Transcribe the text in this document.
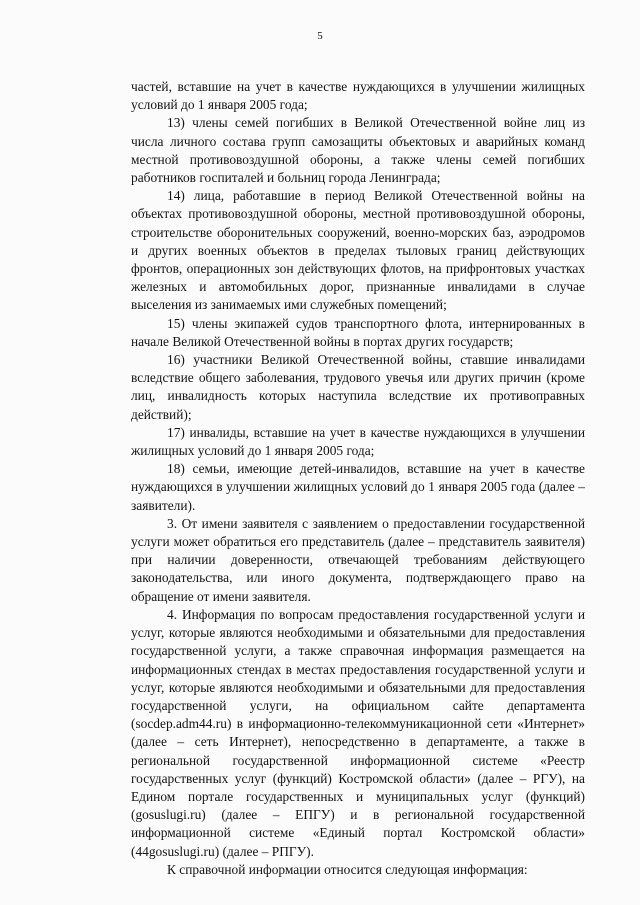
5

частей, вставшие на учет в качестве нуждающихся в улучшении жилищных условий до 1 января 2005 года;

13) члены семей погибших в Великой Отечественной войне лиц из числа личного состава групп самозащиты объектовых и аварийных команд местной противовоздушной обороны, а также члены семей погибших работников госпиталей и больниц города Ленинграда;

14) лица, работавшие в период Великой Отечественной войны на объектах противовоздушной обороны, местной противовоздушной обороны, строительстве оборонительных сооружений, военно-морских баз, аэродромов и других военных объектов в пределах тыловых границ действующих фронтов, операционных зон действующих флотов, на прифронтовых участках железных и автомобильных дорог, признанные инвалидами в случае выселения из занимаемых ими служебных помещений;

15) члены экипажей судов транспортного флота, интернированных в начале Великой Отечественной войны в портах других государств;

16) участники Великой Отечественной войны, ставшие инвалидами вследствие общего заболевания, трудового увечья или других причин (кроме лиц, инвалидность которых наступила вследствие их противоправных действий);

17) инвалиды, вставшие на учет в качестве нуждающихся в улучшении жилищных условий до 1 января 2005 года;

18) семьи, имеющие детей-инвалидов, вставшие на учет в качестве нуждающихся в улучшении жилищных условий до 1 января 2005 года (далее – заявители).

3. От имени заявителя с заявлением о предоставлении государственной услуги может обратиться его представитель (далее – представитель заявителя) при наличии доверенности, отвечающей требованиям действующего законодательства, или иного документа, подтверждающего право на обращение от имени заявителя.

4. Информация по вопросам предоставления государственной услуги и услуг, которые являются необходимыми и обязательными для предоставления государственной услуги, а также справочная информация размещается на информационных стендах в местах предоставления государственной услуги и услуг, которые являются необходимыми и обязательными для предоставления государственной услуги, на официальном сайте департамента (socdep.adm44.ru) в информационно-телекоммуникационной сети «Интернет» (далее – сеть Интернет), непосредственно в департаменте, а также в региональной государственной информационной системе «Реестр государственных услуг (функций) Костромской области» (далее – РГУ), на Едином портале государственных и муниципальных услуг (функций) (gosuslugi.ru) (далее – ЕПГУ) и в региональной государственной информационной системе «Единый портал Костромской области» (44gosuslugi.ru) (далее – РПГУ).

К справочной информации относится следующая информация:
